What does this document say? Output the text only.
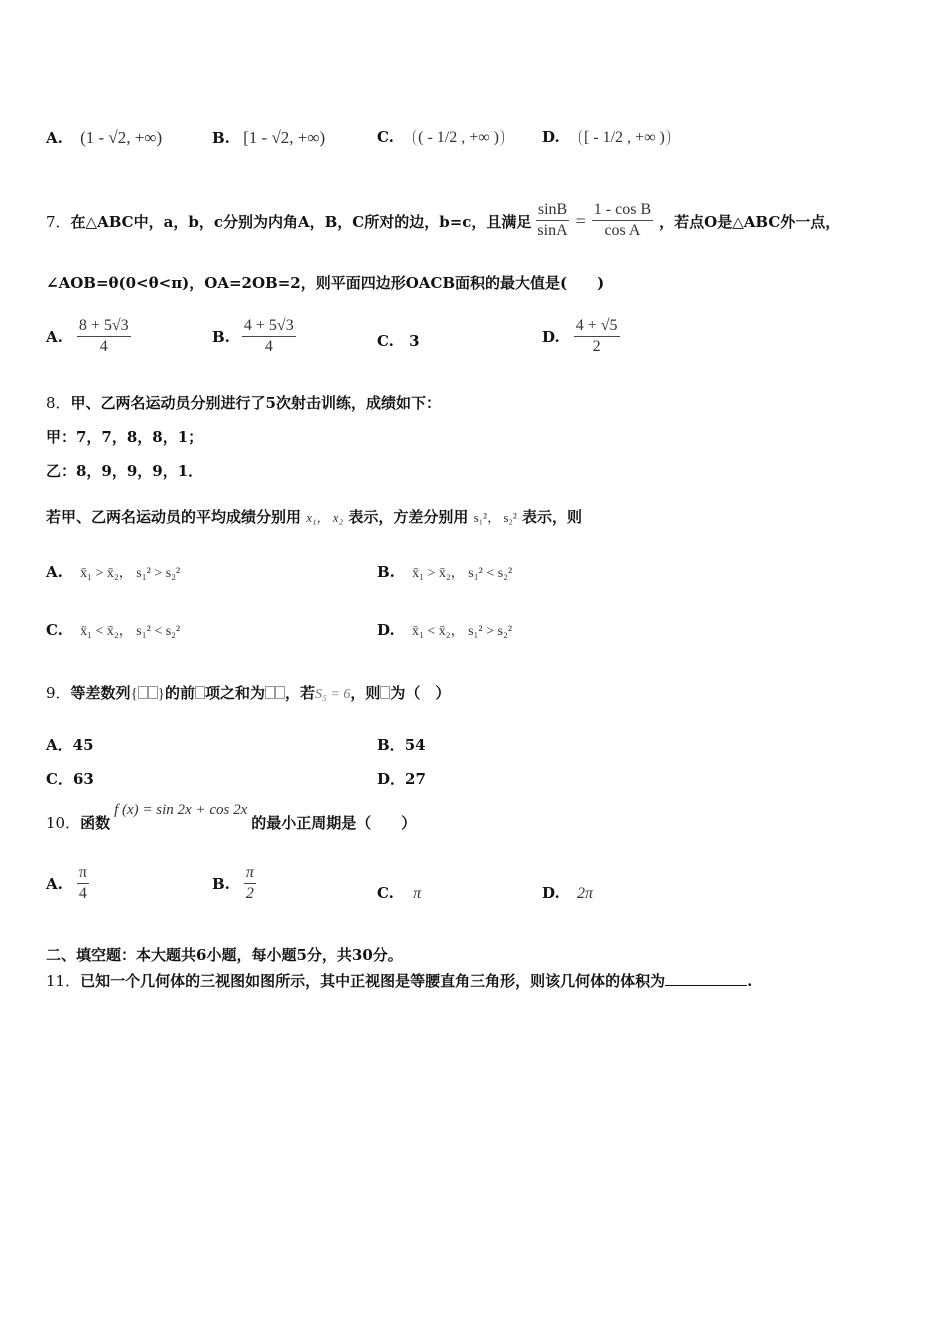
A. (1 - √2, +∞)	B. [1 - √2, +∞)	C. ( - 1/2 , +∞ )	D. [ - 1/2 , +∞ )
7． 在△ABC中，a，b，c分别为内角A，B，C所对的边，b=c，且满足 $\frac{\sin B}{\sin A} = \frac{\text{1 - cos B}}{\text{cos A}}$ ，若点O是△ABC外一点，
∠AOB=θ(0<θ<π)，OA=2OB=2，则平面四边形OACB面积的最大值是(　　)
A. $\frac{8 + 5√3}{4}$	B. $\frac{4 + 5√3}{4}$	C. 3	D. $\frac{4 + √5}{2}$
8．甲、乙两名运动员分别进行了5次射击训练，成绩如下：
甲：7，7，8，8，1；
乙：8，9，9，9，1．
若甲、乙两名运动员的平均成绩分别用 x₁， x₂ 表示，方差分别用 s₁²， s₂² 表示，则
A. x̄₁ > x̄₂， s₁² > s₂²	B. x̄₁ > x̄₂， s₁² < s₂²
C. x̄₁ < x̄₂， s₁² < s₂²	D. x̄₁ < x̄₂， s₁² > s₂²
9．等差数列{ }的前 项之和为 ，若S₅ = 6，则 为（　）
A．45	B．54
C．63	D．27
10． 函数
f (x) = sin 2x + cos 2x
的最小正周期是（　　）
A. $\frac{\pi}{4}$	B. $\frac{\pi}{2}$	C. π	D. 2π
二、填空题：本大题共6小题，每小题5分，共30分。
11．已知一个几何体的三视图如图所示，其中正视图是等腰直角三角形，则该几何体的体积为	.
